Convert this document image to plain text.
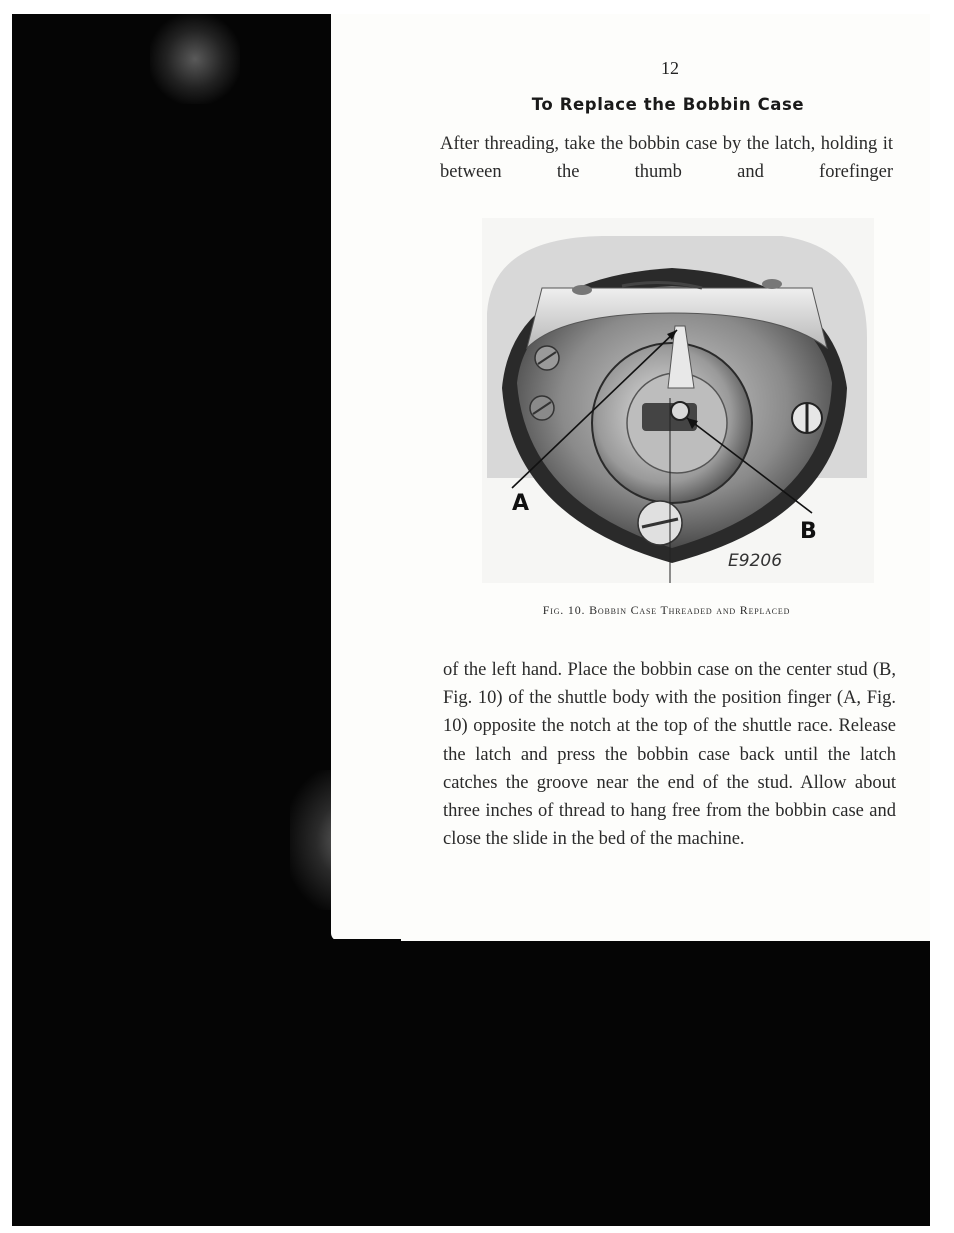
12
To Replace the Bobbin Case
After threading, take the bobbin case by the latch, holding it between the thumb and forefinger
A
B
E9206
Fig. 10. Bobbin Case Threaded and Replaced
of the left hand. Place the bobbin case on the center stud (B, Fig. 10) of the shuttle body with the position finger (A, Fig. 10) opposite the notch at the top of the shuttle race. Release the latch and press the bobbin case back until the latch catches the groove near the end of the stud. Allow about three inches of thread to hang free from the bobbin case and
close the slide in the bed of the machine.
